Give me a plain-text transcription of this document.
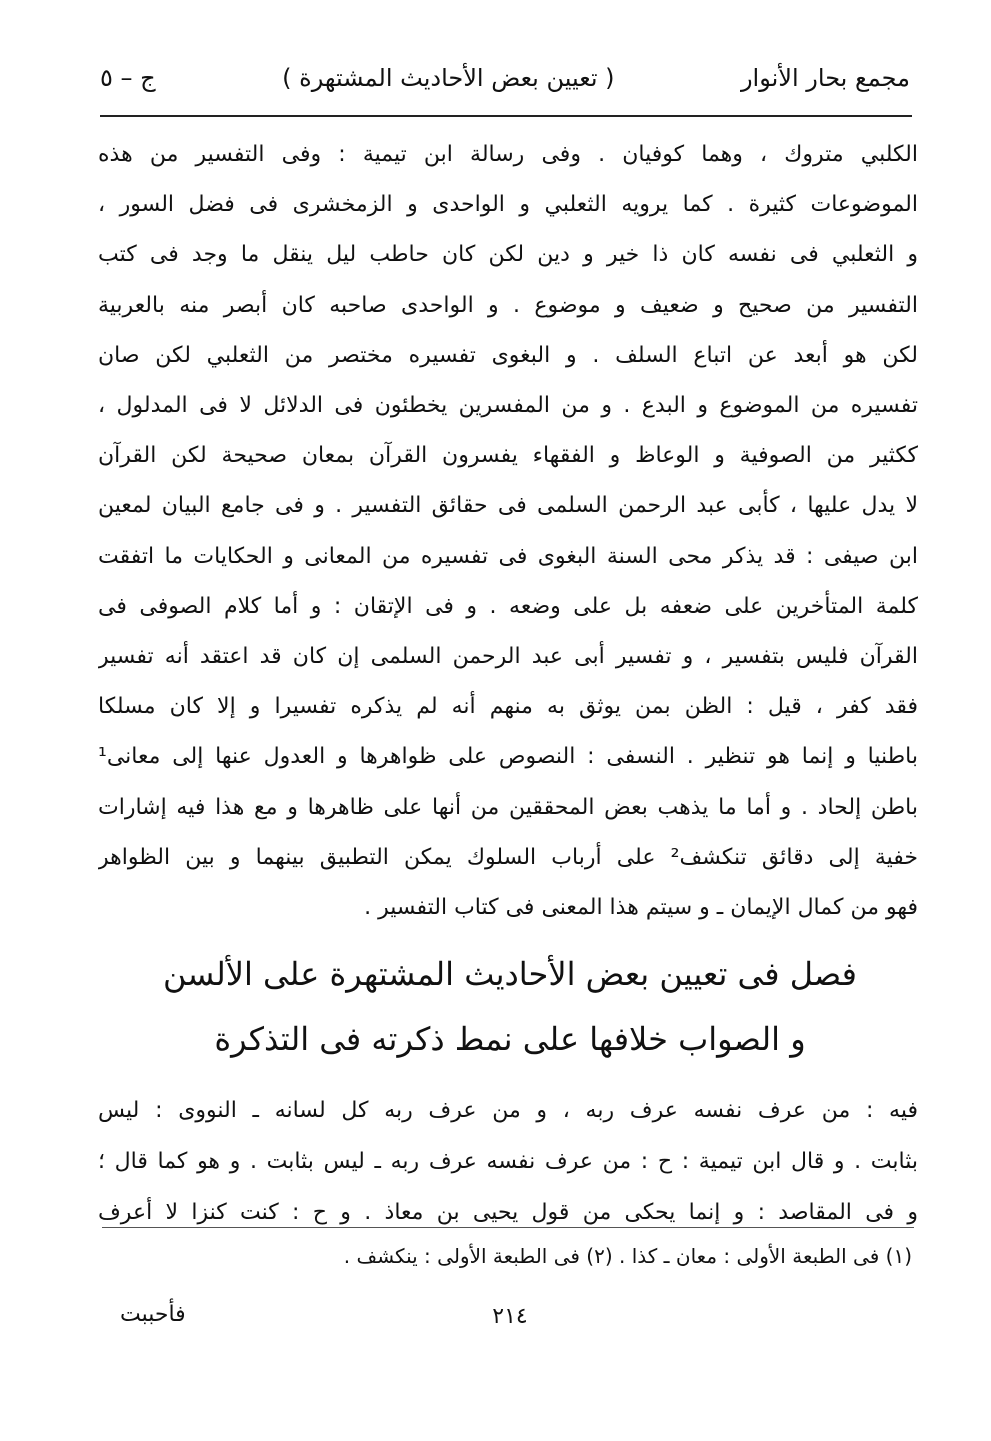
مجمع بحار الأنوار
( تعيين بعض الأحاديث المشتهرة )
ج – ٥
الكلبي متروك ، وهما كوفيان . وفى رسالة ابن تيمية : وفى التفسير من هذه
الموضوعات كثيرة . كما يرويه الثعلبي و الواحدى و الزمخشرى فى فضل السور ،
و الثعلبي فى نفسه كان ذا خير و دين لكن كان حاطب ليل ينقل ما وجد فى كتب
التفسير من صحيح و ضعيف و موضوع . و الواحدى صاحبه كان أبصر منه بالعربية
لكن هو أبعد عن اتباع السلف . و البغوى تفسيره مختصر من الثعلبي لكن صان
تفسيره من الموضوع و البدع . و من المفسرين يخطئون فى الدلائل لا فى المدلول ،
ككثير من الصوفية و الوعاظ و الفقهاء يفسرون القرآن بمعان صحيحة لكن القرآن
لا يدل عليها ، كأبى عبد الرحمن السلمى فى حقائق التفسير . و فى جامع البيان لمعين
ابن صيفى : قد يذكر محى السنة البغوى فى تفسيره من المعانى و الحكايات ما اتفقت
كلمة المتأخرين على ضعفه بل على وضعه . و فى الإتقان : و أما كلام الصوفى فى
القرآن فليس بتفسير ، و تفسير أبى عبد الرحمن السلمى إن كان قد اعتقد أنه تفسير
فقد كفر ، قيل : الظن بمن يوثق به منهم أنه لم يذكره تفسيرا و إلا كان مسلكا
باطنيا و إنما هو تنظير . النسفى : النصوص على ظواهرها و العدول عنها إلى معانى¹
باطن إلحاد . و أما ما يذهب بعض المحققين من أنها على ظاهرها و مع هذا فيه إشارات
خفية إلى دقائق تنكشف² على أرباب السلوك يمكن التطبيق بينهما و بين الظواهر
فهو من كمال الإيمان ـ و سيتم هذا المعنى فى كتاب التفسير .
فصل فى تعيين بعض الأحاديث المشتهرة على الألسن
و الصواب خلافها على نمط ذكرته فى التذكرة
فيه : من عرف نفسه عرف ربه ، و من عرف ربه كل لسانه ـ النووى : ليس
بثابت . و قال ابن تيمية : ح : من عرف نفسه عرف ربه ـ ليس بثابت . و هو كما قال ؛
و فى المقاصد : و إنما يحكى من قول يحيى بن معاذ . و ح : كنت كنزا لا أعرف
(١) فى الطبعة الأولى : معان ـ كذا . (٢) فى الطبعة الأولى : ينكشف .
٢١٤
فأحببت
